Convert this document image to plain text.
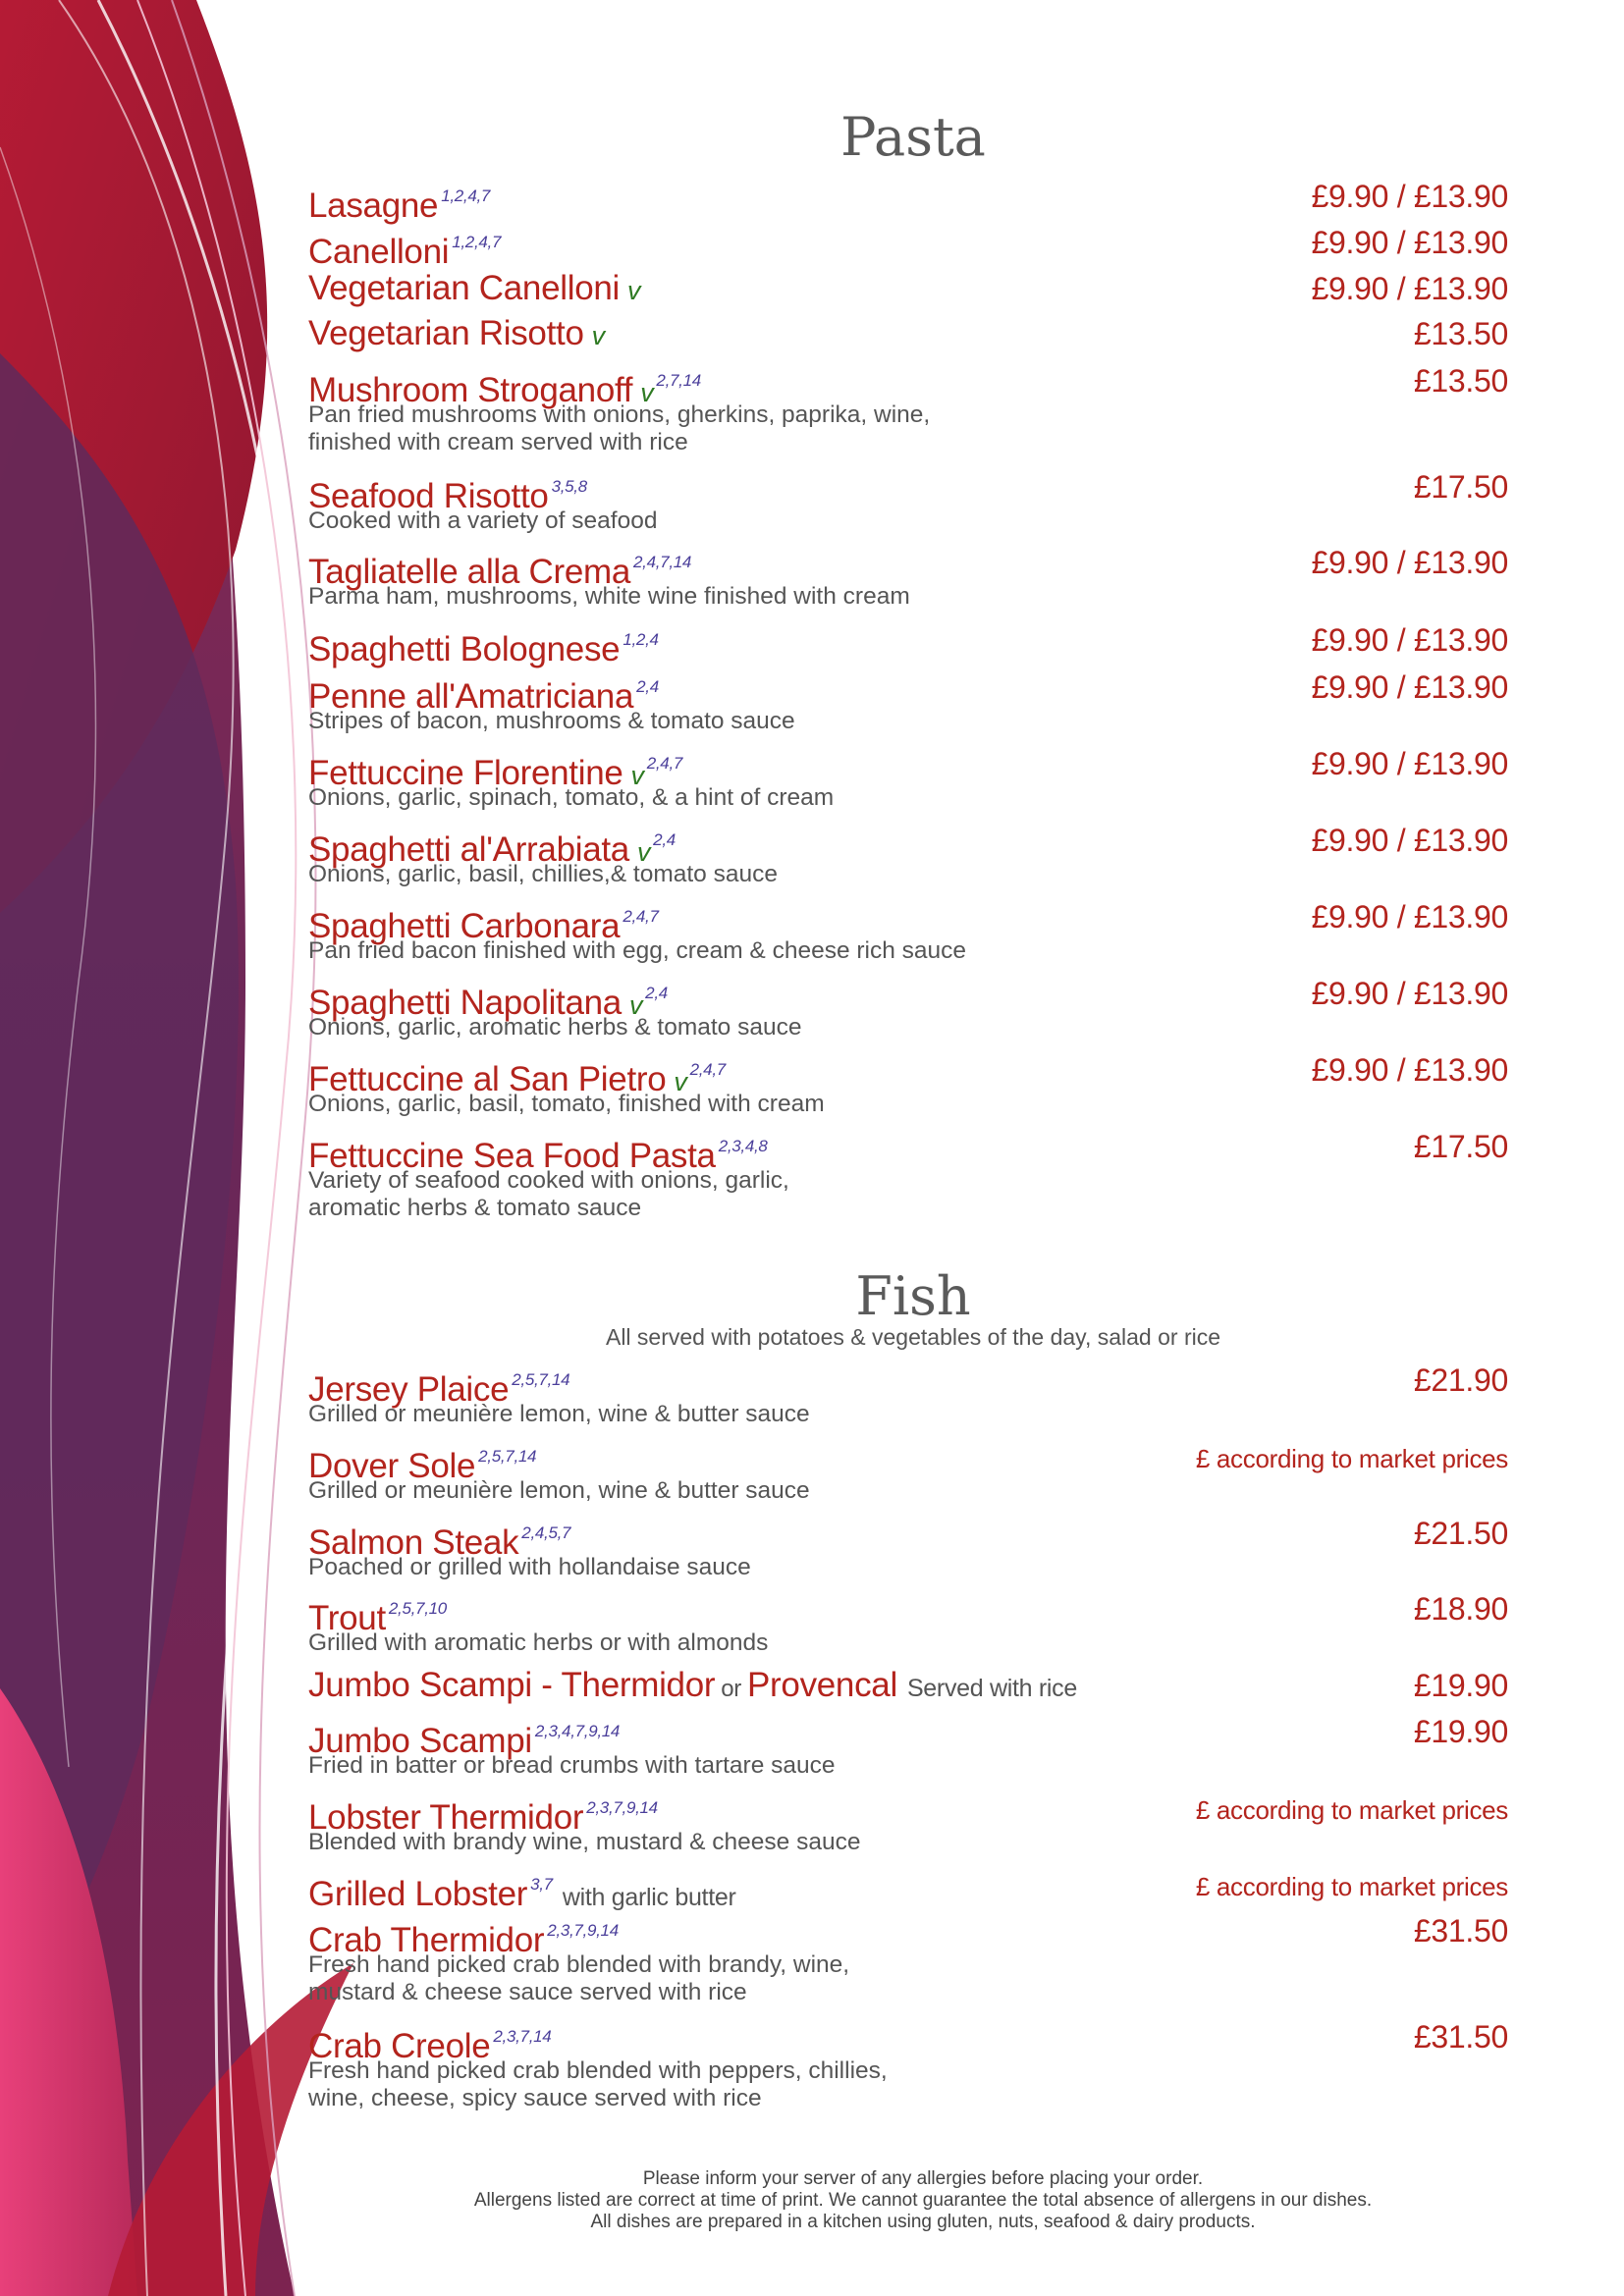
Pasta
Lasagne $^{1,2,4,7}$	£9.90 / £13.90
Canelloni $^{1,2,4,7}$	£9.90 / £13.90
Vegetarian Canelloni v	£9.90 / £13.90
Vegetarian Risotto v	£13.50
Mushroom Stroganoff v $^{2,7,14}$	£13.50
Pan fried mushrooms with onions, gherkins, paprika, wine,
finished with cream served with rice
Seafood Risotto $^{3,5,8}$	£17.50
Cooked with a variety of seafood
Tagliatelle alla Crema $^{2,4,7,14}$	£9.90 / £13.90
Parma ham, mushrooms, white wine finished with cream
Spaghetti Bolognese $^{1,2,4}$	£9.90 / £13.90
Penne all'Amatriciana $^{2,4}$	£9.90 / £13.90
Stripes of bacon, mushrooms & tomato sauce
Fettuccine Florentine v $^{2,4,7}$	£9.90 / £13.90
Onions, garlic, spinach, tomato, & a hint of cream
Spaghetti al'Arrabiata v $^{2,4}$	£9.90 / £13.90
Onions, garlic, basil, chillies,& tomato sauce
Spaghetti Carbonara $^{2,4,7}$	£9.90 / £13.90
Pan fried bacon finished with egg, cream & cheese rich sauce
Spaghetti Napolitana v $^{2,4}$	£9.90 / £13.90
Onions, garlic, aromatic herbs & tomato sauce
Fettuccine al San Pietro v $^{2,4,7}$	£9.90 / £13.90
Onions, garlic, basil, tomato, finished with cream
Fettuccine Sea Food Pasta $^{2,3,4,8}$	£17.50
Variety of seafood cooked with onions, garlic,
aromatic herbs & tomato sauce
Fish
All served with potatoes & vegetables of the day, salad or rice
Jersey Plaice $^{2,5,7,14}$	£21.90
Grilled or meunière lemon, wine & butter sauce
Dover Sole $^{2,5,7,14}$	£ according to market prices
Grilled or meunière lemon, wine & butter sauce
Salmon Steak $^{2,4,5,7}$	£21.50
Poached or grilled with hollandaise sauce
Trout $^{2,5,7,10}$	£18.90
Grilled with aromatic herbs or with almonds
Jumbo Scampi - Thermidor or Provencal Served with rice	£19.90
Jumbo Scampi $^{2,3,4,7,9,14}$	£19.90
Fried in batter or bread crumbs with tartare sauce
Lobster Thermidor $^{2,3,7,9,14}$	£ according to market prices
Blended with brandy wine, mustard & cheese sauce
Grilled Lobster $^{3,7}$ with garlic butter	£ according to market prices
Crab Thermidor $^{2,3,7,9,14}$	£31.50
Fresh hand picked crab blended with brandy, wine,
mustard & cheese sauce served with rice
Crab Creole $^{2,3,7,14}$	£31.50
Fresh hand picked crab blended with peppers, chillies,
wine, cheese, spicy sauce served with rice
Please inform your server of any allergies before placing your order.
Allergens listed are correct at time of print. We cannot guarantee the total absence of allergens in our dishes.
All dishes are prepared in a kitchen using gluten, nuts, seafood & dairy products.
